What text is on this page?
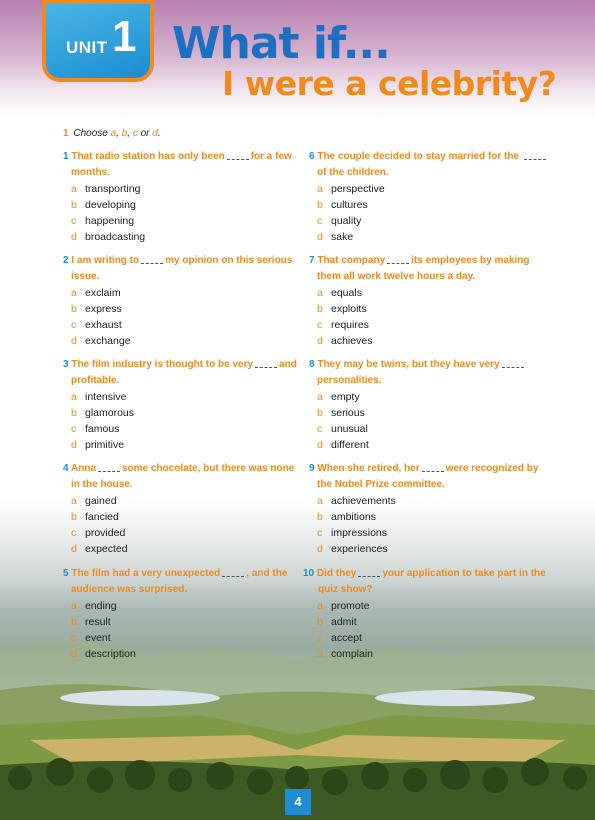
UNIT 1 What if...
I were a celebrity?
1 Choose a, b, c or d.
1 That radio station has only been	for a few months.
a transporting
b developing
c happening
d broadcasting
2 I am writing to	my opinion on this serious issue.
a exclaim
b express
c exhaust
d exchange
3 The film industry is thought to be very	and profitable.
a intensive
b glamorous
c famous
d primitive
4 Anna	some chocolate, but there was none in the house.
a gained
b fancied
c provided
d expected
5 The film had a very unexpected	, and the audience was surprised.
a ending
b result
c event
d description
6 The couple decided to stay married for the of the children.
a perspective
b cultures
c quality
d sake
7 That company	its employees by making them all work twelve hours a day.
a equals
b exploits
c requires
d achieves
8 They may be twins, but they have verypersonalities.
a empty
b serious
c unusual
d different
9 When she retired, her	were recognized by the Nobel Prize committee.
a achievements
b ambitions
c impressions
d experiences
10 Did they	your application to take part in the quiz show?
a promote
b admit
c accept
d complain
4
